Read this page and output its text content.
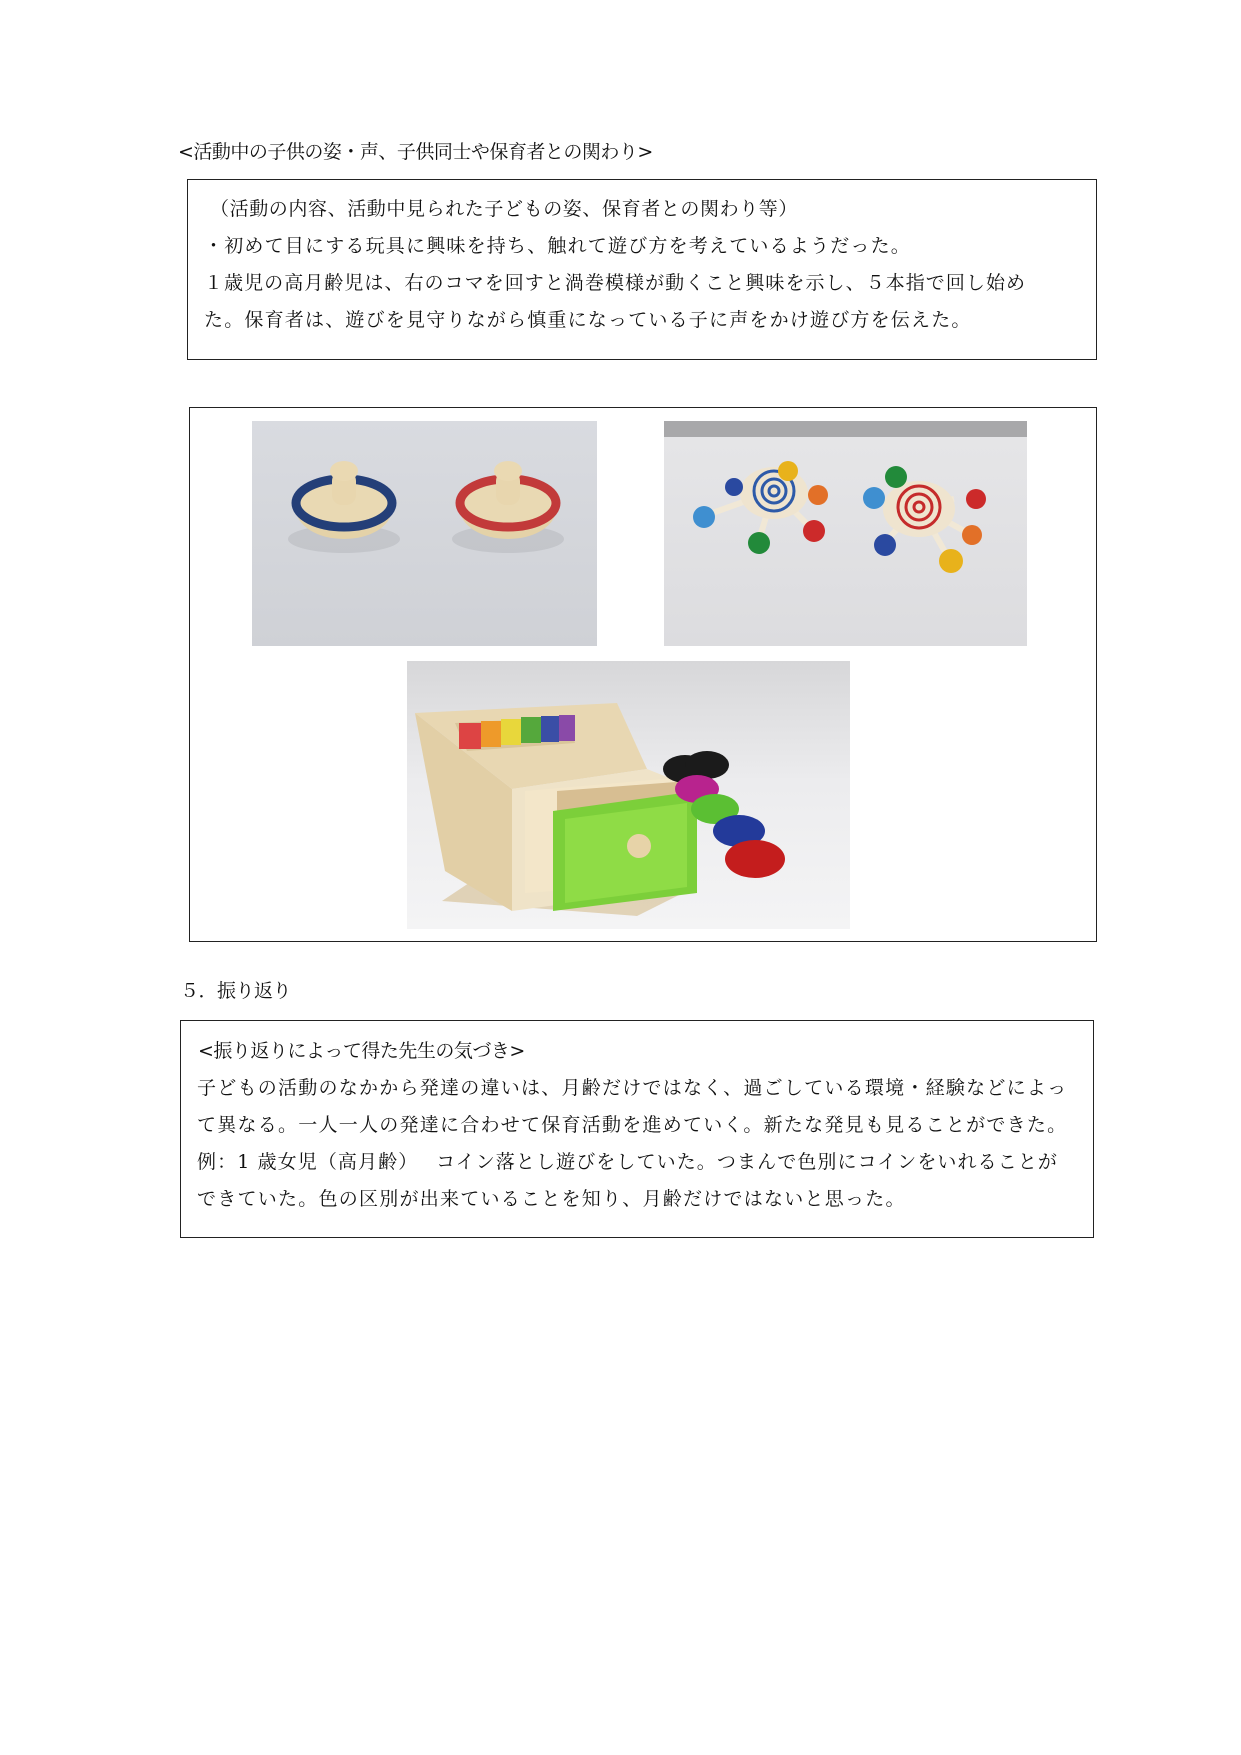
<活動中の子供の姿・声、子供同士や保育者との関わり>
（活動の内容、活動中見られた子どもの姿、保育者との関わり等）
・初めて目にする玩具に興味を持ち、触れて遊び方を考えているようだった。
１歳児の高月齢児は、右のコマを回すと渦巻模様が動くこと興味を示し、５本指で回し始め
た。保育者は、遊びを見守りながら慎重になっている子に声をかけ遊び方を伝えた。
５．振り返り
<振り返りによって得た先生の気づき>
子どもの活動のなかから発達の違いは、月齢だけではなく、過ごしている環境・経験などによっ
て異なる。一人一人の発達に合わせて保育活動を進めていく。新たな発見も見ることができた。
例：1 歳女児（高月齢）　 コイン落とし遊びをしていた。つまんで色別にコインをいれることが
できていた。色の区別が出来ていることを知り、月齢だけではないと思った。
